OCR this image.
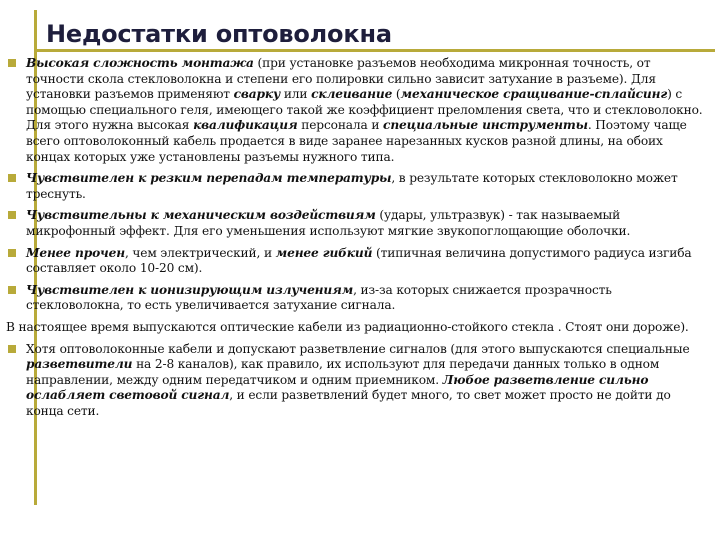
Недостатки оптоволокна
Высокая сложность монтажа (при установке разъемов необходима микронная точность, от точности скола стекловолокна и степени его полировки сильно зависит затухание в разъеме). Для установки разъемов применяют сварку или склеивание (механическое сращивание-сплайсинг) с помощью специального геля, имеющего такой же коэффициент преломления света, что и стекловолокно. Для этого нужна высокая квалификация персонала и специальные инструменты. Поэтому чаще всего оптоволоконный кабель продается в виде заранее нарезанных кусков разной длины, на обоих концах которых уже установлены разъемы нужного типа.
Чувствителен к резким перепадам температуры, в результате которых стекловолокно может треснуть.
Чувствительны к механическим воздействиям (удары, ультразвук) - так называемый микрофонный эффект. Для его уменьшения используют мягкие звукопоглощающие оболочки.
Менее прочен, чем электрический, и менее гибкий (типичная величина допустимого радиуса изгиба составляет около 10-20 см).
Чувствителен к ионизирующим излучениям, из-за которых снижается прозрачность стекловолокна, то есть увеличивается затухание сигнала.
В настоящее время выпускаются оптические кабели из радиационно-стойкого стекла . Стоят они дороже).
Хотя оптоволоконные кабели и допускают разветвление сигналов (для этого выпускаются специальные разветвители на 2-8 каналов), как правило, их используют для передачи данных только в одном направлении, между одним передатчиком и одним приемником. Любое разветвление сильно ослабляет световой сигнал, и если разветвлений будет много, то свет может просто не дойти до конца сети.
